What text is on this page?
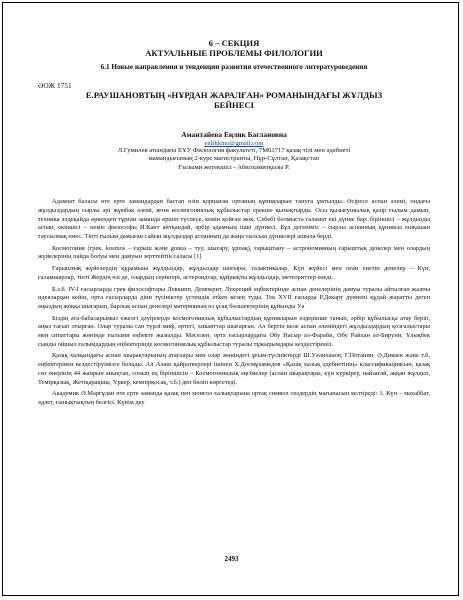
6 – СЕКЦИЯ
АКТУАЛЬНЫЕ ПРОБЛЕМЫ ФИЛОЛОГИИ
6.1 Новые направления и тенденции развития отечественного литературоведения
ӘОЖ 1751
Е.РАУШАНОВТЫҢ «НҰРДАН ЖАРАЛҒАН» РОМАНЫНДАҒЫ ЖҰЛДЫЗ
БЕЙНЕСІ
Амантайева Еңлик Баглановна
enlikkino@gmail.com
Л.Гумилев атындағы ЕҰУ Филология факультеті, 7М01717 қазақ тілі мен әдебиеті
мамандығының 2-курс магистранты, Нұр-Сұлтан, Қазақстан
Ғылыми жетекшісі - Абилхамитқызы Р.

Адамзат баласы өте ерте замандардан бастап өзін қоршаған ортаның құпияларын тануға ұмтылды. Әсіресе аспан әлемі, ондағы жұлдыздардың сырлы әрі жұмбақ әлемі, яғни космогониялық құбылыстар ерекше қызықтырды. Осы қызығушылық қазір ғылым дамып, техника әлдеқайда өркендеп тұрған заманда өршіп түспесе, кемін қойған жоқ. Себебі болмыста ғаламат екі дүние бар: біріншісі – жұлдызды аспан, екіншісі – неміс философы И.Кант айтқандай, әрбір адамның ішкі дүниесі. Бұл дегеніміз – сырлы аспанның құпиясы ешқашан таусылмақ емес. Тіпті ғылым дамыған сайын жұлдыздар аспанның да жаңа тылсым дүниелері ашыла берді.

Космогония (грек. kosmos – ғарыш және gonea – туу, шығару, ұрпақ), ғарыштану – астрономияның ғарыштық денелер мен олардың жүйелерінің пайда болуы мен дамуын зерттейтін саласы [1]

Ғарыштық жүйелердің құрамына жұлдыздар, жұлдыздар шоғыры, галактикалар, Күн жүйесі мен оған енетін денелер – Күн, ғаламшарлар, тіпті Жердің өзі де, олардың серіктері, астероидтар, құйрықты жұлдыздар, метеориттер енеді.

Б.з.б. IV-I ғасырларда грек философтары Левкипп, Демокрит, Лукреций еңбектерінде аспан денелерінің дамуы туралы айтылған жалпы идеялардан кейін, орта ғасырларда діни түсініктер үстемдік етken кезең туды. Тек XVII ғасырда Р.Декарт дүниені құдай жаратты деген аңыздың жоққа шығарып, барлық аспан денелері материяның өз ұсақ бөлшектерінің құйынды Уа

Біздің ата-бабаларымыз ежелгі дәуірлерде космогониялық құбылыстардың құпияларын өздерінше танып, әрбір құбылысқа атау беріп, аңыз тағып отырған. Олар туралы сан түрлі миф, ертегі, хикаяттар шығарған. Ал бертін келе аспан әлеміндегі жұлдыздардың қозғалыстары мен сипаттары жөнінде ғылыми еңбекте жазылды. Мәселен, орта ғасырлардағы Әбу Насыр әл-Фараби, Әбу Райхан әл-Бируни, Ұлықбек сынды ойшыл ғалымдардың еңбектерінде космогониялық құбылыстар туралы тұжырымдары кездестіреміз.

Қазақ халқындағы аспан шырақтарының атаулары мен олар жөніндегі ұғым-түсініктерді Ш.Уәлиханов, Г.Потанин, Ә.Диваев және т.б. еңбектерінен кездестіруімізге болады. Ал Алаш қайраткерлері ішінен Х.Досмұхамедов «Қазақ халық әдебиетінің» классификациясын, қазақ сөз өнерінің 44 жанрын анықтап, соның ең біріншісін – Космогониялық әңгімелер (аспан шырақтары, күн күркіреу, найзағай, аққан жұлдыз, Темірқазық, Жетіқарақшы, Үркер, кемпірқосақ, т.б.) деп бөліп көрсетеді.

Академик Ә.Марғұлан өте ерте заманда қазақ пен монғол халықтарына ортақ символ сөздердің мағынасын келтіреді: 1. Күн – махаббат, әдлет, ғашықтықтың белгісі. Күнім деу

2493
